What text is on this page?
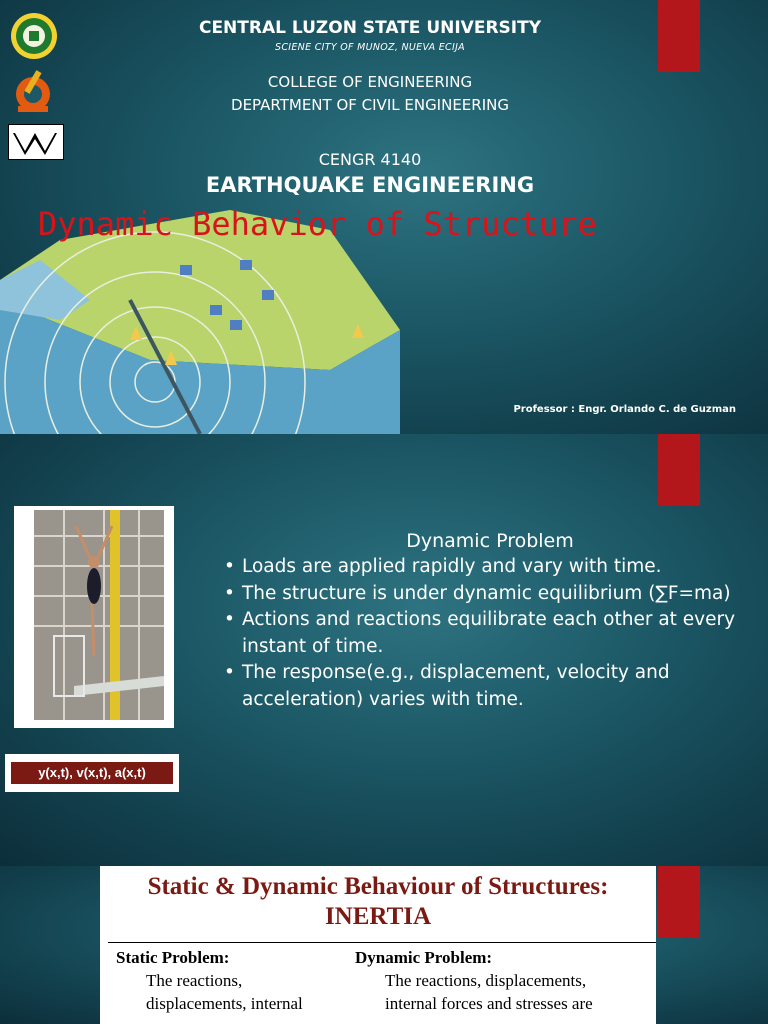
CENTRAL LUZON STATE UNIVERSITY
SCIENE CITY OF MUNOZ, NUEVA ECIJA
COLLEGE OF ENGINEERING
DEPARTMENT OF CIVIL ENGINEERING
CENGR 4140
EARTHQUAKE ENGINEERING
Dynamic Behavior of Structure
Professor : Engr. Orlando C. de Guzman
y(x,t), v(x,t), a(x,t)
Dynamic Problem
• Loads are applied rapidly and vary with time.
• The structure is under dynamic equilibrium (∑F=ma)
• Actions and reactions equilibrate each other at every instant of time.
• The response(e.g., displacement, velocity and acceleration) varies with time.
Static & Dynamic Behaviour of Structures:
INERTIA
Static Problem:
The reactions,
displacements, internal
Dynamic Problem:
The reactions, displacements,
internal forces and stresses are
